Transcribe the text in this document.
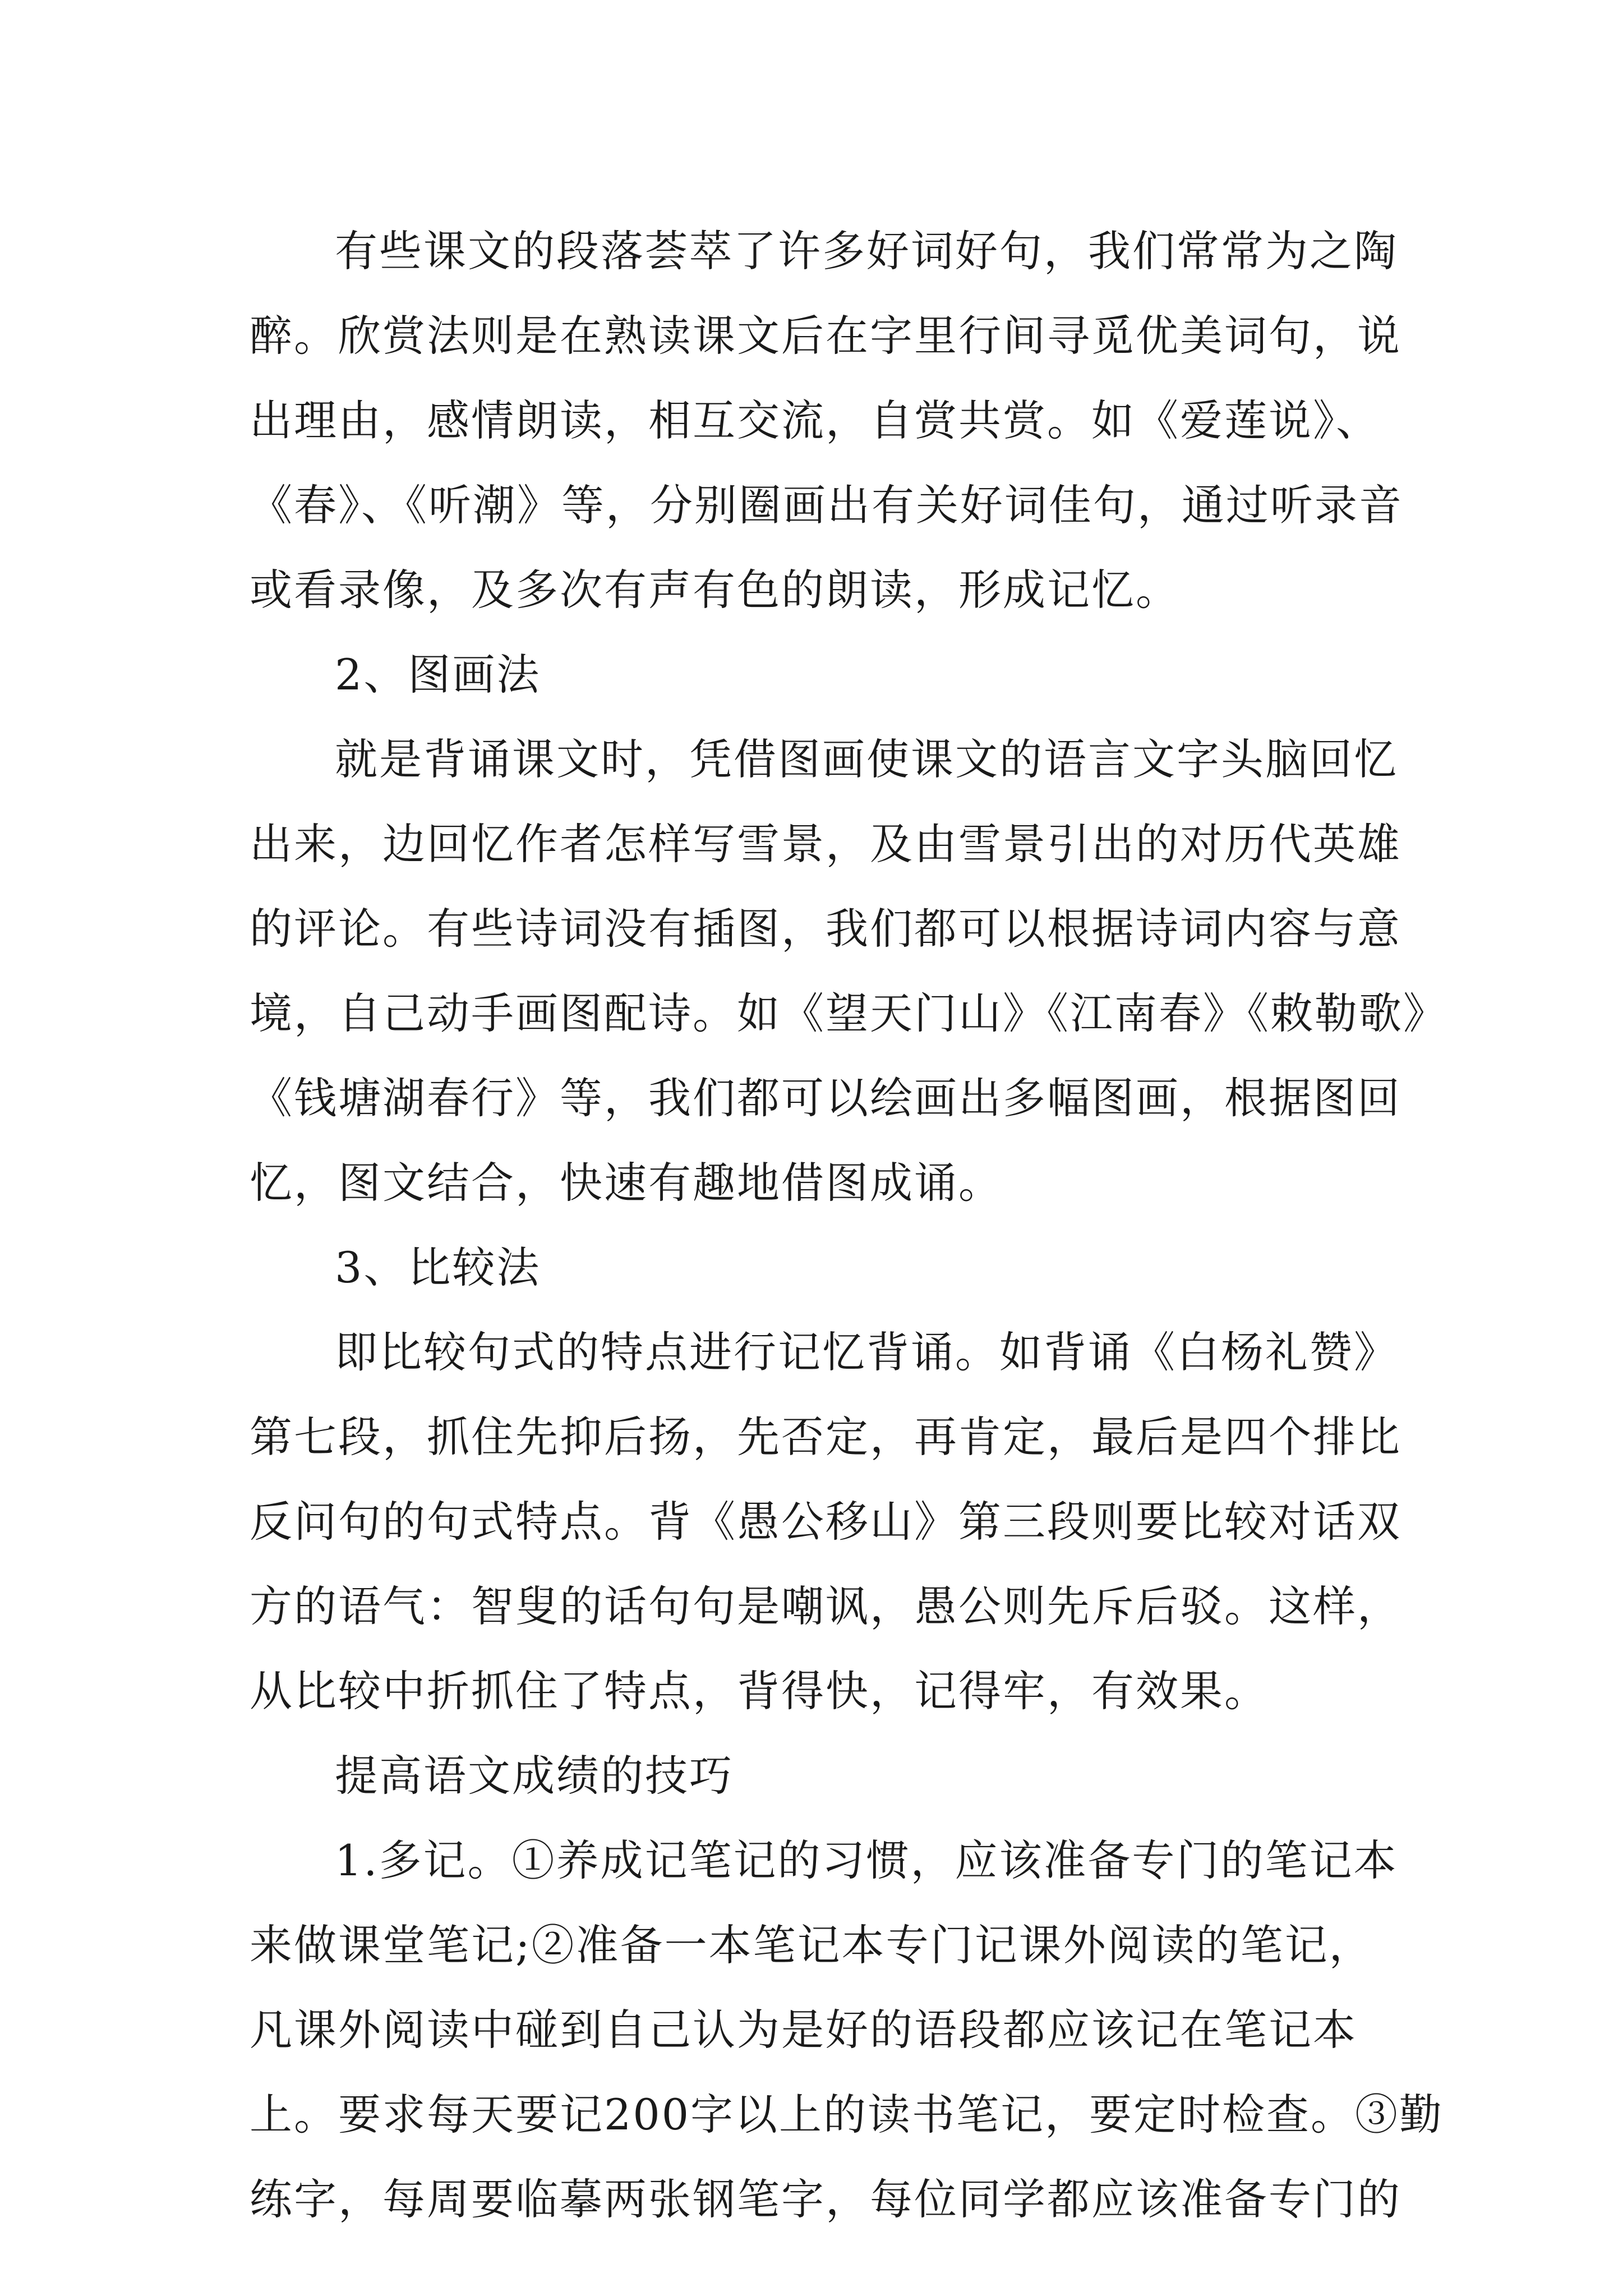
有些课文的段落荟萃了许多好词好句，我们常常为之陶
醉。欣赏法则是在熟读课文后在字里行间寻觅优美词句，说
出理由，感情朗读，相互交流，自赏共赏。如《爱莲说》、
《春》、《听潮》等，分别圈画出有关好词佳句，通过听录音
或看录像，及多次有声有色的朗读，形成记忆。
2、图画法
就是背诵课文时，凭借图画使课文的语言文字头脑回忆
出来，边回忆作者怎样写雪景，及由雪景引出的对历代英雄
的评论。有些诗词没有插图，我们都可以根据诗词内容与意
境，自己动手画图配诗。如《望天门山》《江南春》《敕勒歌》
《钱塘湖春行》等，我们都可以绘画出多幅图画，根据图回
忆，图文结合，快速有趣地借图成诵。
3、比较法
即比较句式的特点进行记忆背诵。如背诵《白杨礼赞》
第七段，抓住先抑后扬，先否定，再肯定，最后是四个排比
反问句的句式特点。背《愚公移山》第三段则要比较对话双
方的语气：智叟的话句句是嘲讽，愚公则先斥后驳。这样，
从比较中折抓住了特点，背得快，记得牢，有效果。
提高语文成绩的技巧
1.多记。①养成记笔记的习惯，应该准备专门的笔记本
来做课堂笔记;②准备一本笔记本专门记课外阅读的笔记，
凡课外阅读中碰到自己认为是好的语段都应该记在笔记本
上。要求每天要记200字以上的读书笔记，要定时检查。③勤
练字，每周要临摹两张钢笔字，每位同学都应该准备专门的
